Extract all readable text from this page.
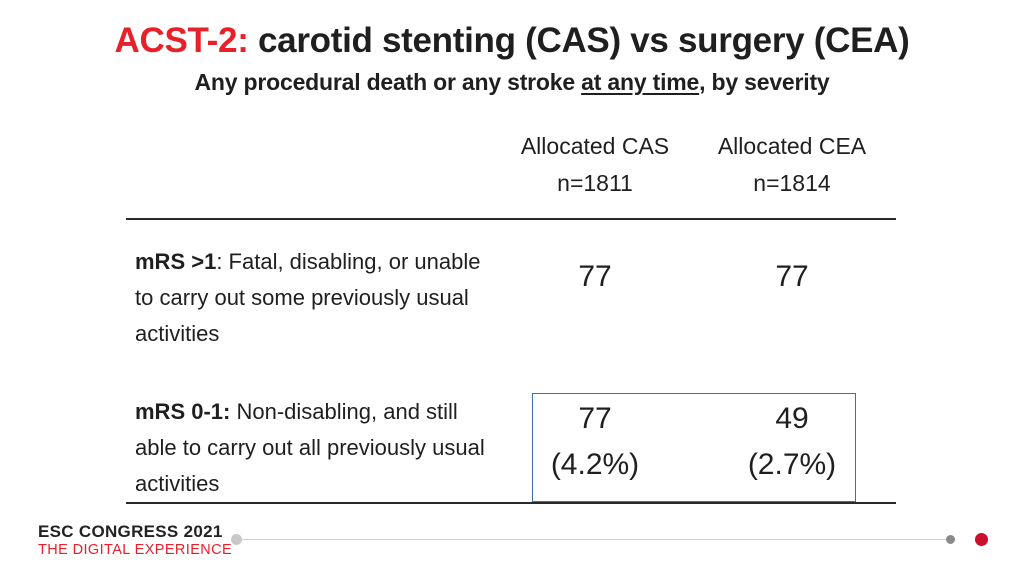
ACST-2: carotid stenting (CAS) vs surgery (CEA)
Any procedural death or any stroke at any time, by severity
Allocated CAS
n=1811
Allocated CEA
n=1814
mRS >1: Fatal, disabling, or unable to carry out some previously usual activities
77	77
mRS 0-1: Non-disabling, and still able to carry out all previously usual activities
77
(4.2%)
49
(2.7%)
ESC CONGRESS 2021
THE DIGITAL EXPERIENCE
